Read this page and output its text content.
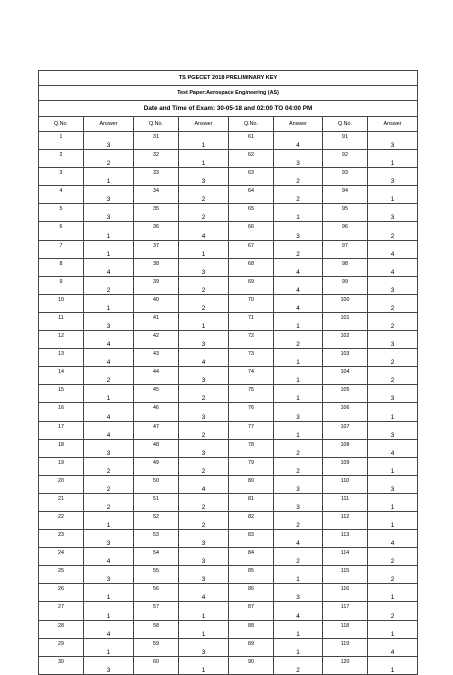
TS PGECET 2018 PRELIMINARY KEY							
Test Paper:Aerospace Engineering (AS)							
Date and Time of Exam: 30-05-18 and 02:00 TO 04:00 PM							
Q.No.	Answer	Q.No.	Answer	Q.No.	Answer	Q.No.	Answer
1	3	31	1	61	4	91	3
2	2	32	1	62	3	92	1
3	1	33	3	63	2	93	3
4	3	34	2	64	2	94	1
5	3	35	2	65	1	95	3
6	1	36	4	66	3	96	2
7	1	37	1	67	2	97	4
8	4	38	3	68	4	98	4
9	2	39	2	69	4	99	3
10	1	40	2	70	4	100	2
11	3	41	1	71	1	101	2
12	4	42	3	72	2	102	3
13	4	43	4	73	1	103	2
14	2	44	3	74	1	104	2
15	1	45	2	75	1	105	3
16	4	46	3	76	3	106	1
17	4	47	2	77	1	107	3
18	3	48	3	78	2	108	4
19	2	49	2	79	2	109	1
20	2	50	4	80	3	110	3
21	2	51	2	81	3	111	1
22	1	52	2	82	2	112	1
23	3	53	3	83	4	113	4
24	4	54	3	84	2	114	2
25	3	55	3	85	1	115	2
26	1	56	4	86	3	116	1
27	1	57	1	87	4	117	2
28	4	58	1	88	1	118	1
29	1	59	3	89	1	119	4
30	3	60	1	90	2	120	1
